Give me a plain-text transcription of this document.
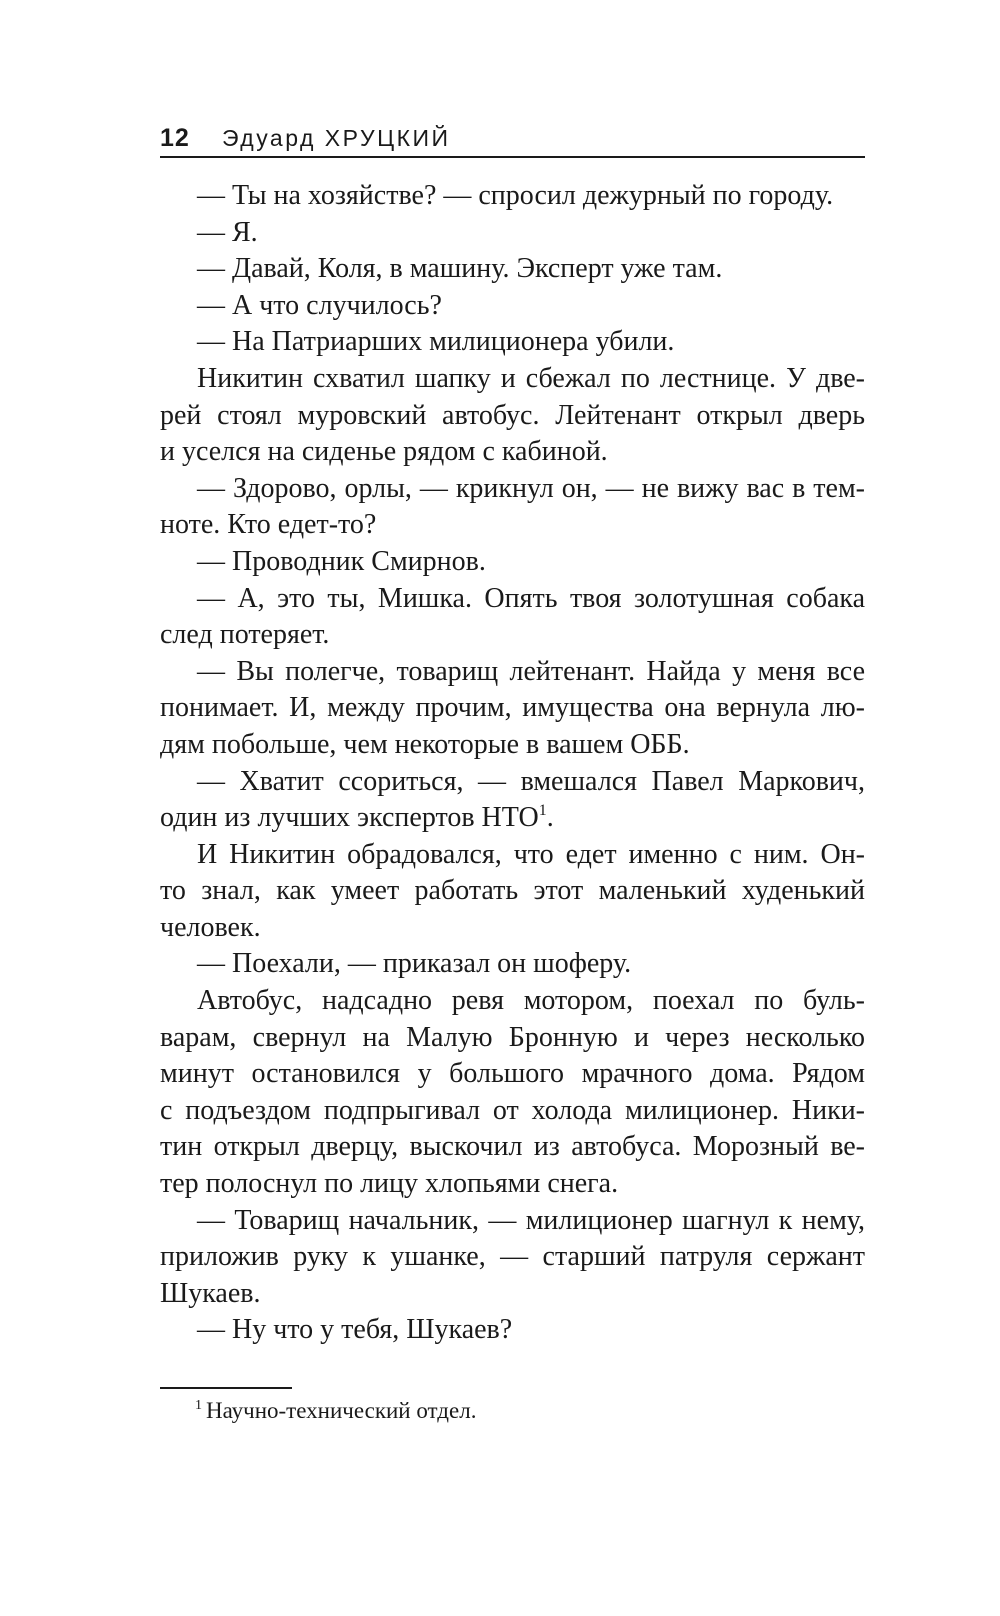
12 Эдуард ХРУЦКИЙ
— Ты на хозяйстве? — спросил дежурный по городу.
— Я.
— Давай, Коля, в машину. Эксперт уже там.
— А что случилось?
— На Патриарших милиционера убили.
Никитин схватил шапку и сбежал по лестнице. У две-
рей стоял муровский автобус. Лейтенант открыл дверь
и уселся на сиденье рядом с кабиной.
— Здорово, орлы, — крикнул он, — не вижу вас в тем-
ноте. Кто едет-то?
— Проводник Смирнов.
— А, это ты, Мишка. Опять твоя золотушная собака
след потеряет.
— Вы полегче, товарищ лейтенант. Найда у меня все
понимает. И, между прочим, имущества она вернула лю-
дям побольше, чем некоторые в вашем ОББ.
— Хватит ссориться, — вмешался Павел Маркович,
один из лучших экспертов НТО$^1$.
И Никитин обрадовался, что едет именно с ним. Он-
то знал, как умеет работать этот маленький худенький
человек.
— Поехали, — приказал он шоферу.
Автобус, надсадно ревя мотором, поехал по буль-
варам, свернул на Малую Бронную и через несколько
минут остановился у большого мрачного дома. Рядом
с подъездом подпрыгивал от холода милиционер. Ники-
тин открыл дверцу, выскочил из автобуса. Морозный ве-
тер полоснул по лицу хлопьями снега.
— Товарищ начальник, — милиционер шагнул к нему,
приложив руку к ушанке, — старший патруля сержант
Шукаев.
— Ну что у тебя, Шукаев?
$^1$ Научно-технический отдел.
